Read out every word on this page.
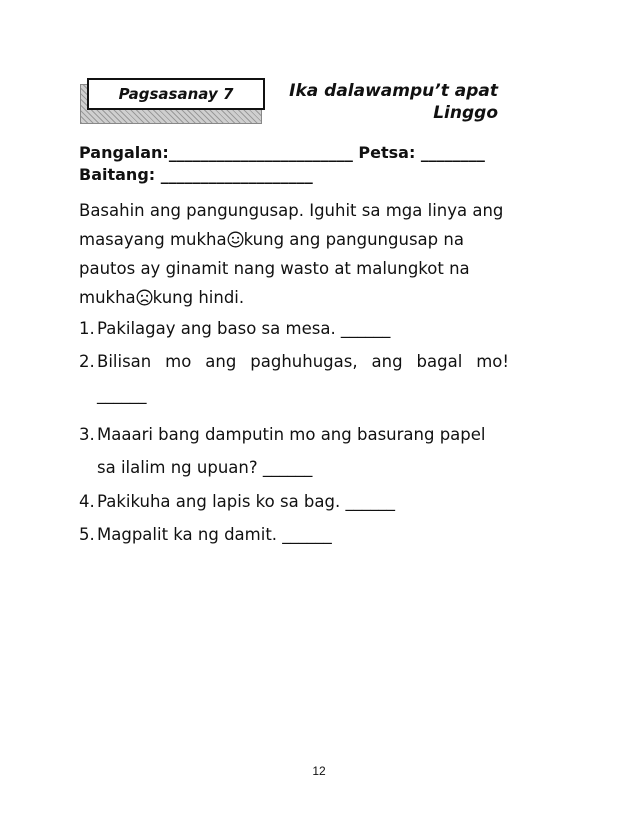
Pagsasanay 7	Ika dalawampu’t apat
Linggo
Pangalan:_______________________ Petsa: ________
Baitang: ___________________
Basahin ang pangungusap. Iguhit sa mga linya ang masayang mukha kung ang pangungusap na pautos ay ginamit nang wasto at malungkot na mukha kung hindi.
1. Pakilagay ang baso sa mesa. ______
2. Bilisan mo ang paghuhugas, ang bagal mo!
______
3. Maaari bang damputin mo ang basurang papel
sa ilalim ng upuan? ______
4. Pakikuha ang lapis ko sa bag. ______
5. Magpalit ka ng damit. ______
12
